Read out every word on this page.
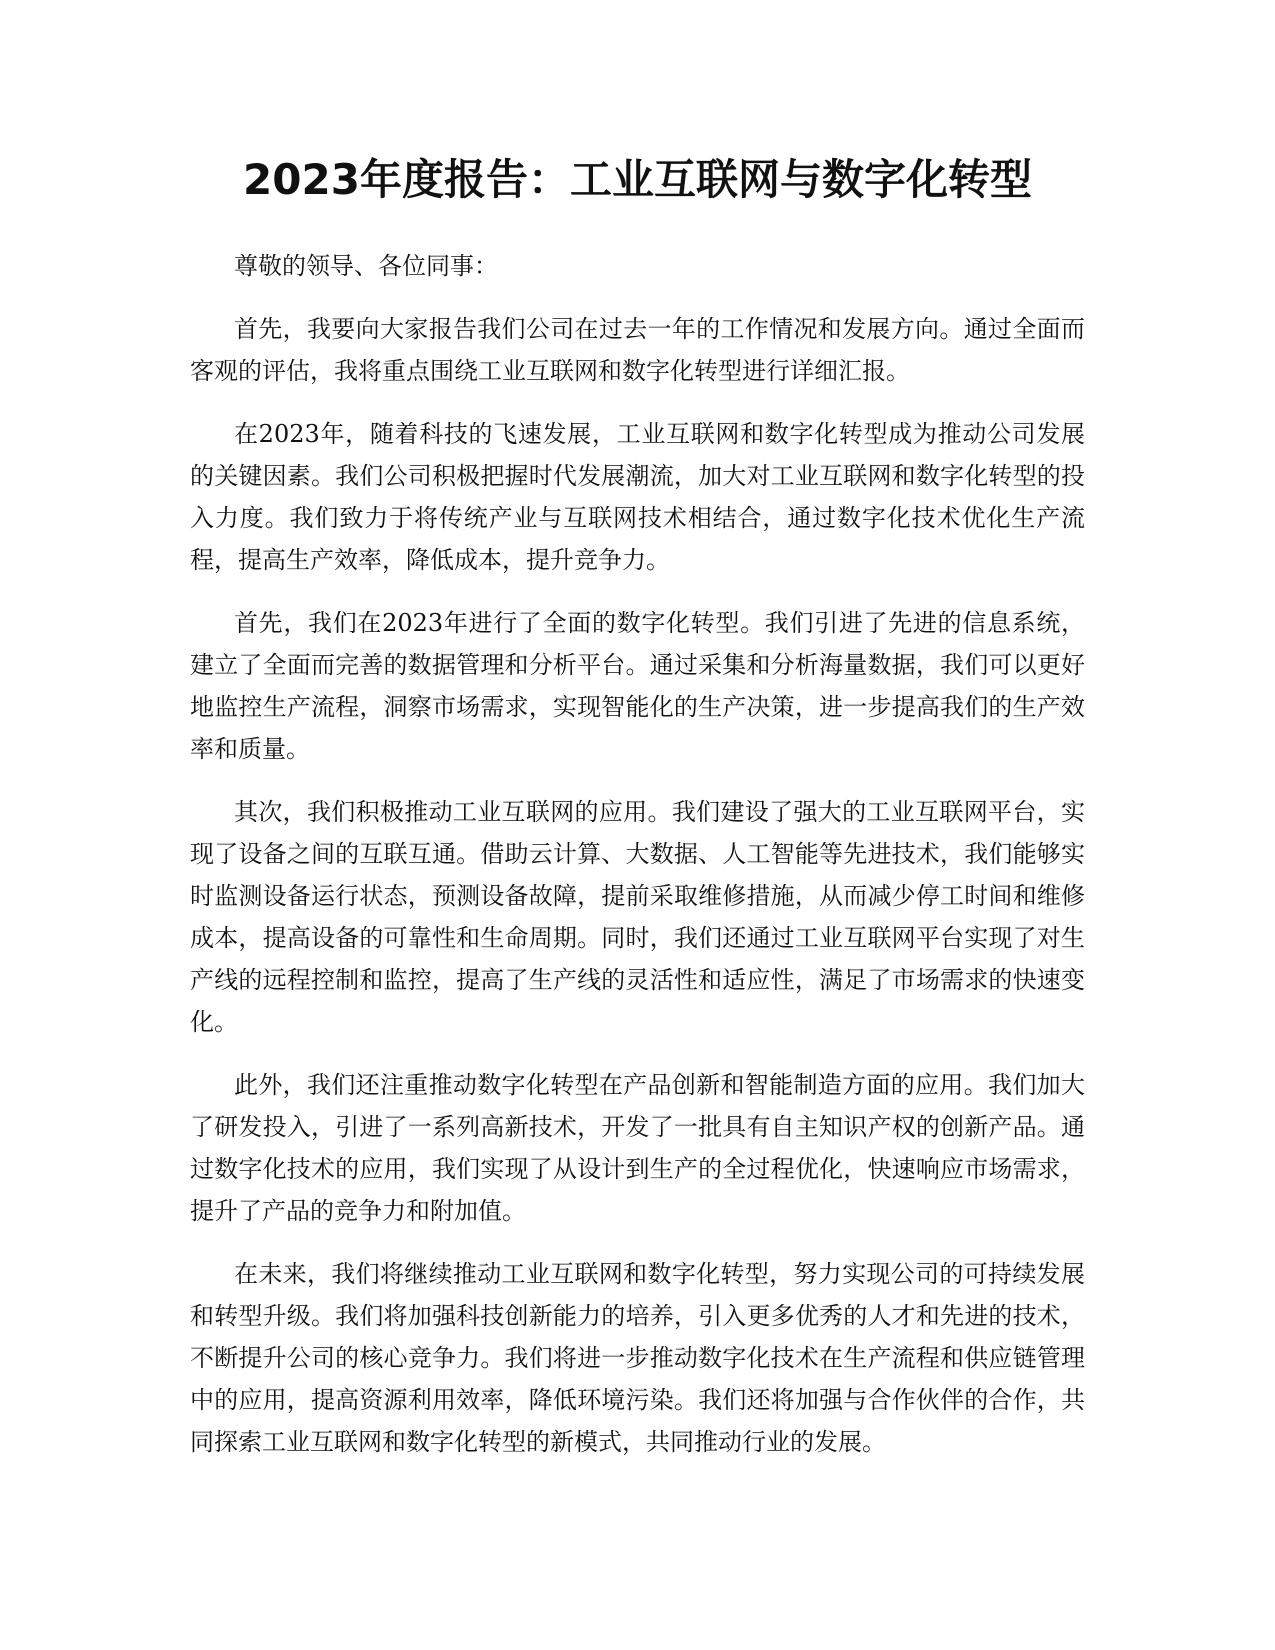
2023年度报告：工业互联网与数字化转型

尊敬的领导、各位同事：

首先，我要向大家报告我们公司在过去一年的工作情况和发展方向。通过全面而客观的评估，我将重点围绕工业互联网和数字化转型进行详细汇报。

在2023年，随着科技的飞速发展，工业互联网和数字化转型成为推动公司发展的关键因素。我们公司积极把握时代发展潮流，加大对工业互联网和数字化转型的投入力度。我们致力于将传统产业与互联网技术相结合，通过数字化技术优化生产流程，提高生产效率，降低成本，提升竞争力。

首先，我们在2023年进行了全面的数字化转型。我们引进了先进的信息系统，建立了全面而完善的数据管理和分析平台。通过采集和分析海量数据，我们可以更好地监控生产流程，洞察市场需求，实现智能化的生产决策，进一步提高我们的生产效率和质量。

其次，我们积极推动工业互联网的应用。我们建设了强大的工业互联网平台，实现了设备之间的互联互通。借助云计算、大数据、人工智能等先进技术，我们能够实时监测设备运行状态，预测设备故障，提前采取维修措施，从而减少停工时间和维修成本，提高设备的可靠性和生命周期。同时，我们还通过工业互联网平台实现了对生产线的远程控制和监控，提高了生产线的灵活性和适应性，满足了市场需求的快速变化。

此外，我们还注重推动数字化转型在产品创新和智能制造方面的应用。我们加大了研发投入，引进了一系列高新技术，开发了一批具有自主知识产权的创新产品。通过数字化技术的应用，我们实现了从设计到生产的全过程优化，快速响应市场需求，提升了产品的竞争力和附加值。

在未来，我们将继续推动工业互联网和数字化转型，努力实现公司的可持续发展和转型升级。我们将加强科技创新能力的培养，引入更多优秀的人才和先进的技术，不断提升公司的核心竞争力。我们将进一步推动数字化技术在生产流程和供应链管理中的应用，提高资源利用效率，降低环境污染。我们还将加强与合作伙伴的合作，共同探索工业互联网和数字化转型的新模式，共同推动行业的发展。
